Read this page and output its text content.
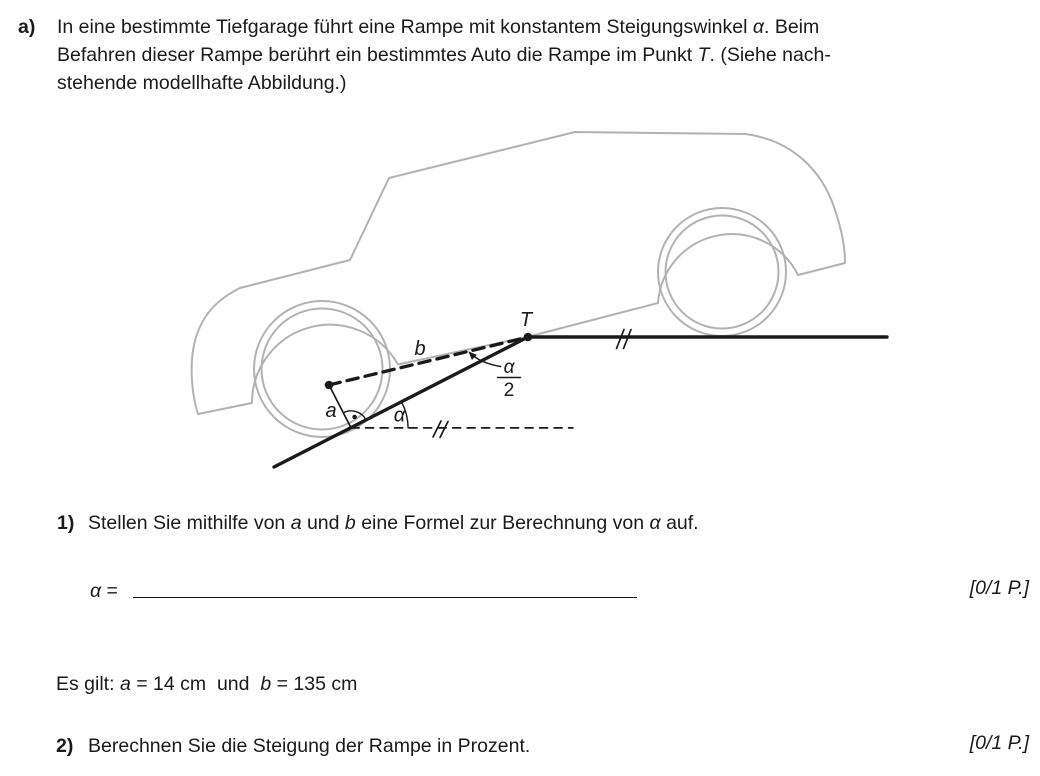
a) In eine bestimmte Tiefgarage führt eine Rampe mit konstantem Steigungswinkel α. Beim
Befahren dieser Rampe berührt ein bestimmtes Auto die Rampe im Punkt T. (Siehe nach-
stehende modellhafte Abbildung.)
T
b
a	α
α
2
1) Stellen Sie mithilfe von a und b eine Formel zur Berechnung von α auf.
α =	[0/1 P.]
Es gilt: a = 14 cm  und  b = 135 cm
2) Berechnen Sie die Steigung der Rampe in Prozent.	[0/1 P.]
